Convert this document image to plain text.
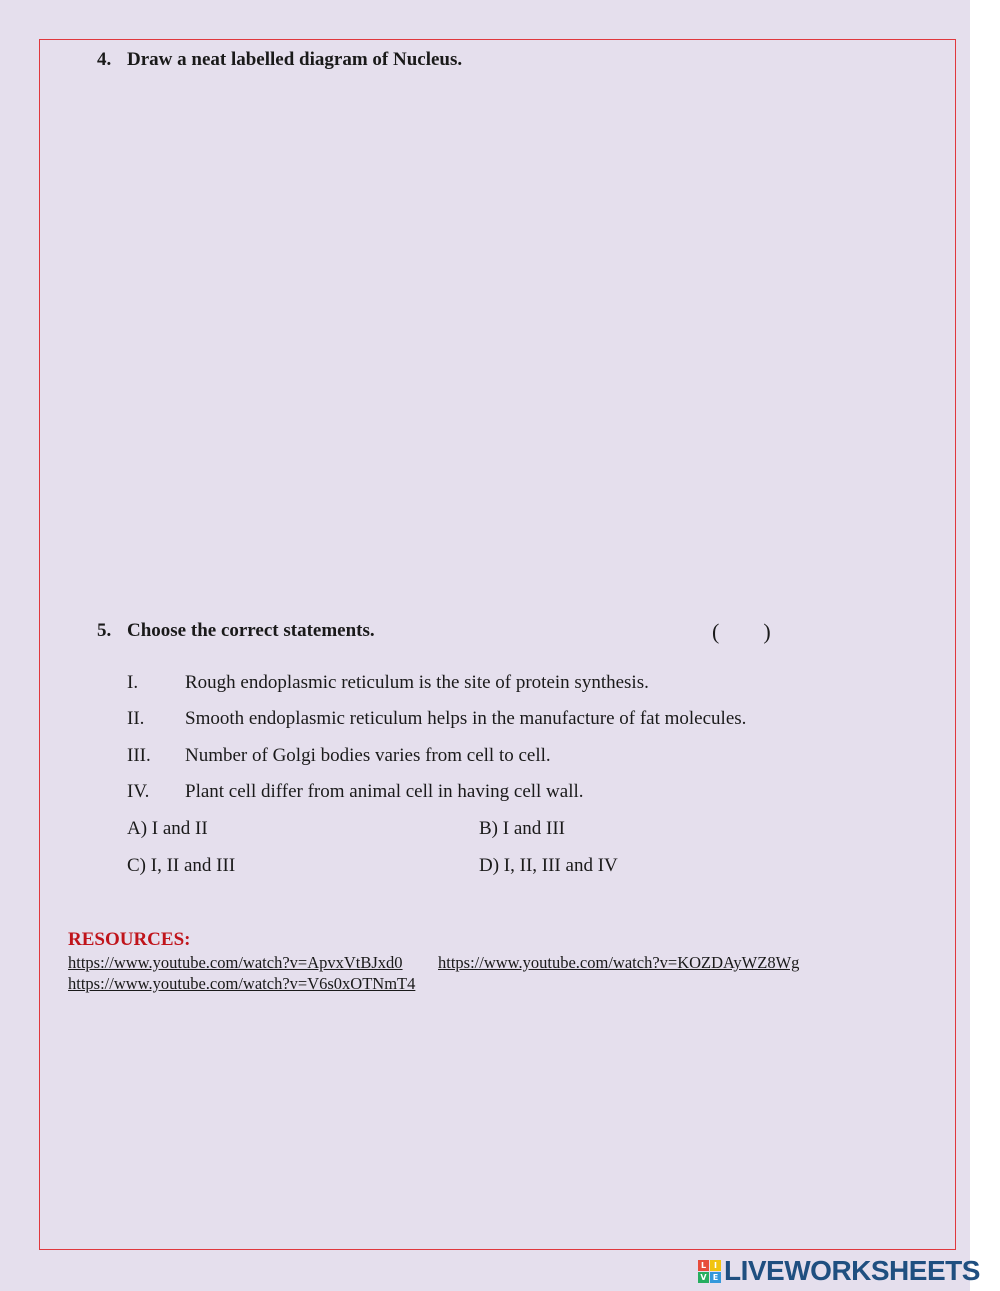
4. Draw a neat labelled diagram of Nucleus.
5. Choose the correct statements.	(        )
I. Rough endoplasmic reticulum is the site of protein synthesis.
II. Smooth endoplasmic reticulum helps in the manufacture of fat molecules.
III. Number of Golgi bodies varies from cell to cell.
IV. Plant cell differ from animal cell in having cell wall.
A) I and II	B) I and III
C) I, II and III	D) I, II, III and IV
RESOURCES:
https://www.youtube.com/watch?v=ApvxVtBJxd0 https://www.youtube.com/watch?v=KOZDAyWZ8Wg
https://www.youtube.com/watch?v=V6s0xOTNmT4
L I
V E LIVEWORKSHEETS
